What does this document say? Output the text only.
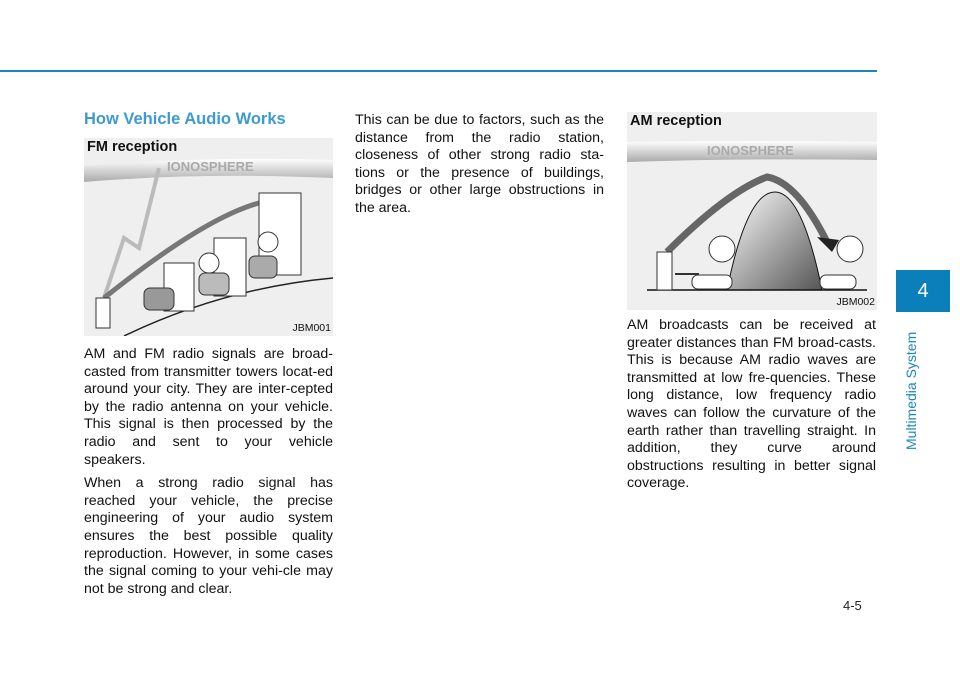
How Vehicle Audio Works
FM reception
IONOSPHERE
JBM001

AM and FM radio signals are broad-casted from transmitter towers locat-ed around your city. They are inter-cepted by the radio antenna on your vehicle. This signal is then processed by the radio and sent to your vehicle speakers.

When a strong radio signal has reached your vehicle, the precise engineering of your audio system ensures the best possible quality reproduction. However, in some cases the signal coming to your vehi-cle may not be strong and clear.

This can be due to factors, such as the distance from the radio station, closeness of other strong radio sta-tions or the presence of buildings, bridges or other large obstructions in the area.

AM reception
IONOSPHERE
JBM002

AM broadcasts can be received at greater distances than FM broad-casts. This is because AM radio waves are transmitted at low fre-quencies. These long distance, low frequency radio waves can follow the curvature of the earth rather than travelling straight. In addition, they curve around obstructions resulting in better signal coverage.

4
Multimedia System
4-5
